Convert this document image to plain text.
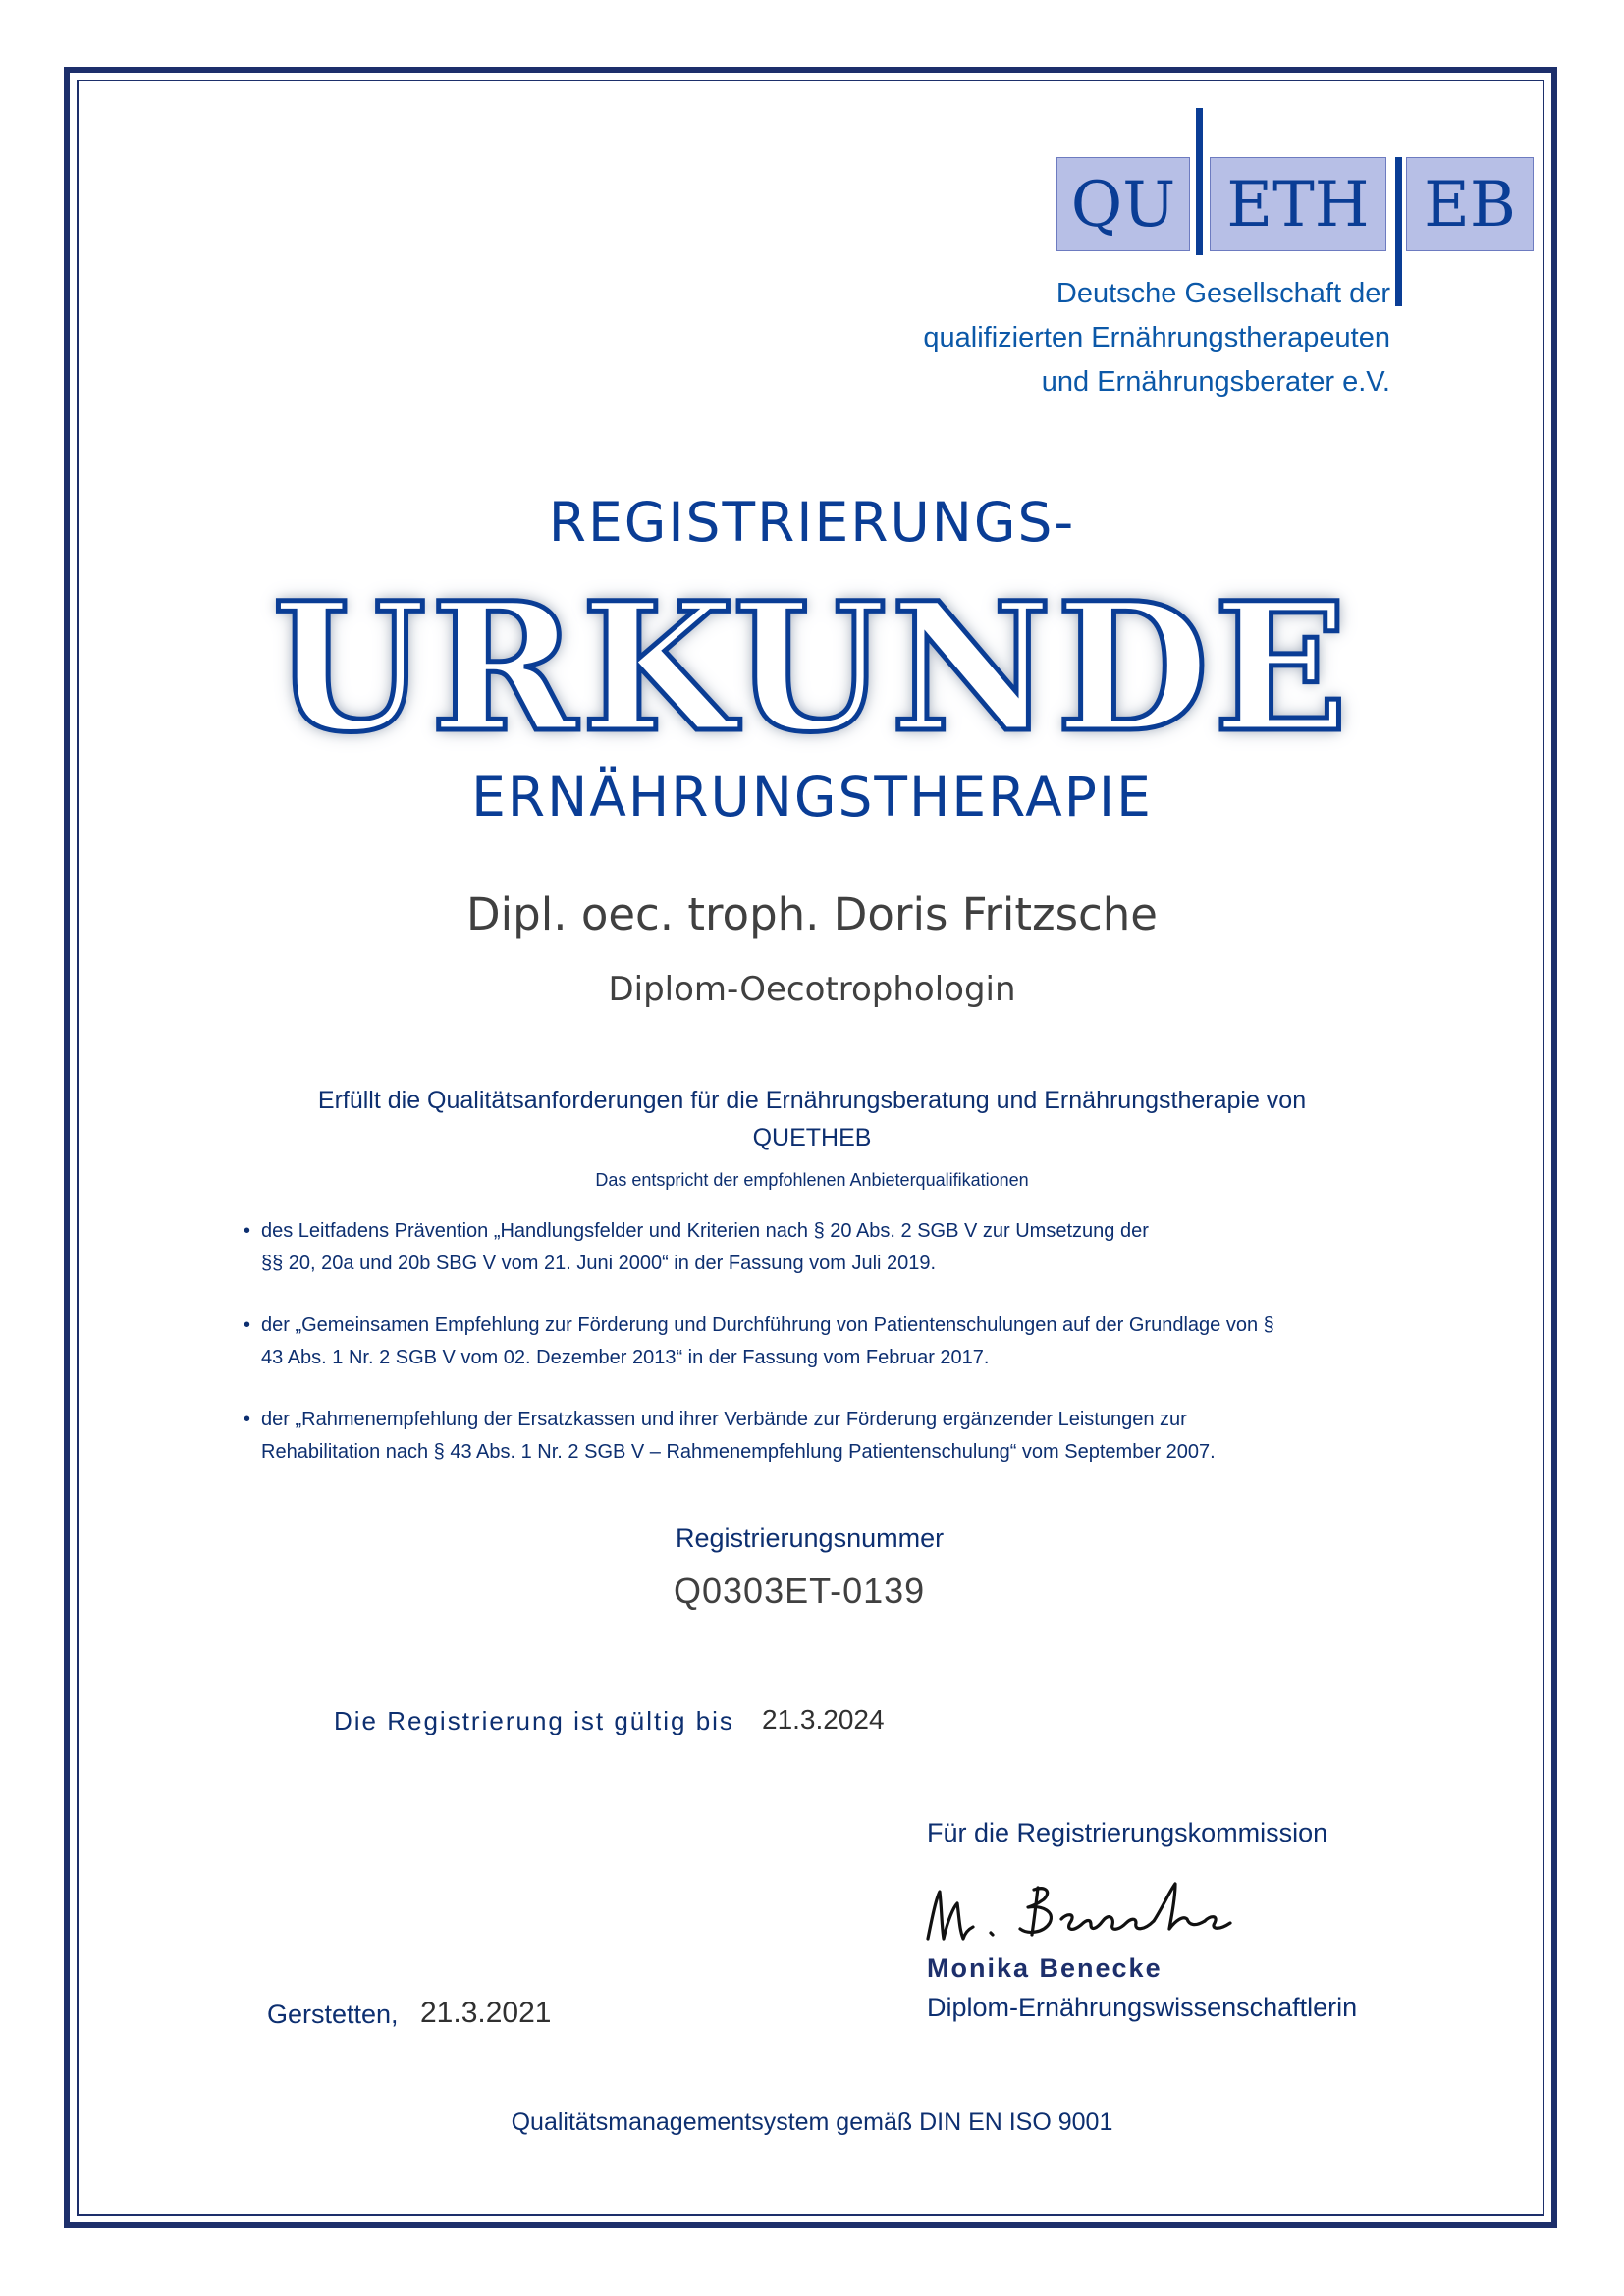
QU ETH EB
Deutsche Gesellschaft der
qualifizierten Ernährungstherapeuten
und Ernährungsberater e.V.
REGISTRIERUNGS-
URKUNDE
ERNÄHRUNGSTHERAPIE
Dipl. oec. troph. Doris Fritzsche
Diplom-Oecotrophologin
Erfüllt die Qualitätsanforderungen für die Ernährungsberatung und Ernährungstherapie von
QUETHEB
Das entspricht der empfohlenen Anbieterqualifikationen
• des Leitfadens Prävention „Handlungsfelder und Kriterien nach § 20 Abs. 2 SGB V zur Umsetzung der
§§ 20, 20a und 20b SBG V vom 21. Juni 2000“ in der Fassung vom Juli 2019.
• der „Gemeinsamen Empfehlung zur Förderung und Durchführung von Patientenschulungen auf der Grundlage von §
43 Abs. 1 Nr. 2 SGB V vom 02. Dezember 2013“ in der Fassung vom Februar 2017.
• der „Rahmenempfehlung der Ersatzkassen und ihrer Verbände zur Förderung ergänzender Leistungen zur
Rehabilitation nach § 43 Abs. 1 Nr. 2 SGB V – Rahmenempfehlung Patientenschulung“ vom September 2007.
Registrierungsnummer
Q0303ET-0139
Die Registrierung ist gültig bis 21.3.2024
Für die Registrierungskommission
Monika Benecke
Diplom-Ernährungswissenschaftlerin
Gerstetten, 21.3.2021
Qualitätsmanagementsystem gemäß DIN EN ISO 9001
